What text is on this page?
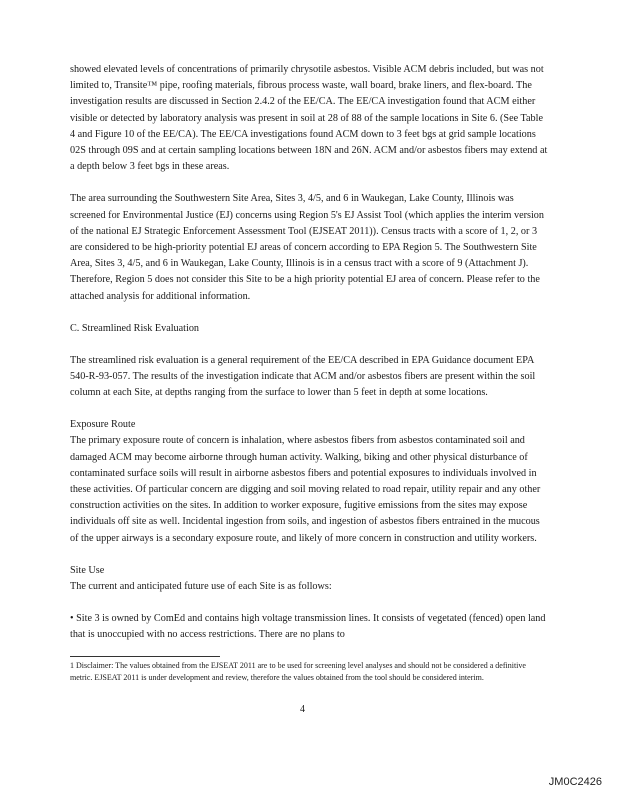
showed elevated levels of concentrations of primarily chrysotile asbestos. Visible ACM debris included, but was not limited to, Transite™ pipe, roofing materials, fibrous process waste, wall board, brake liners, and flex-board. The investigation results are discussed in Section 2.4.2 of the EE/CA. The EE/CA investigation found that ACM either visible or detected by laboratory analysis was present in soil at 28 of 88 of the sample locations in Site 6. (See Table 4 and Figure 10 of the EE/CA). The EE/CA investigations found ACM down to 3 feet bgs at grid sample locations 02S through 09S and at certain sampling locations between 18N and 26N. ACM and/or asbestos fibers may extend at a depth below 3 feet bgs in these areas.

The area surrounding the Southwestern Site Area, Sites 3, 4/5, and 6 in Waukegan, Lake County, Illinois was screened for Environmental Justice (EJ) concerns using Region 5's EJ Assist Tool (which applies the interim version of the national EJ Strategic Enforcement Assessment Tool (EJSEAT 2011)). Census tracts with a score of 1, 2, or 3 are considered to be high-priority potential EJ areas of concern according to EPA Region 5. The Southwestern Site Area, Sites 3, 4/5, and 6 in Waukegan, Lake County, Illinois is in a census tract with a score of 9 (Attachment J). Therefore, Region 5 does not consider this Site to be a high priority potential EJ area of concern. Please refer to the attached analysis for additional information.

C. Streamlined Risk Evaluation

The streamlined risk evaluation is a general requirement of the EE/CA described in EPA Guidance document EPA 540-R-93-057. The results of the investigation indicate that ACM and/or asbestos fibers are present within the soil column at each Site, at depths ranging from the surface to lower than 5 feet in depth at some locations.

Exposure Route

The primary exposure route of concern is inhalation, where asbestos fibers from asbestos contaminated soil and damaged ACM may become airborne through human activity. Walking, biking and other physical disturbance of contaminated surface soils will result in airborne asbestos fibers and potential exposures to individuals involved in these activities. Of particular concern are digging and soil moving related to road repair, utility repair and any other construction activities on the sites. In addition to worker exposure, fugitive emissions from the sites may expose individuals off site as well. Incidental ingestion from soils, and ingestion of asbestos fibers entrained in the mucous of the upper airways is a secondary exposure route, and likely of more concern in construction and utility workers.

Site Use

The current and anticipated future use of each Site is as follows:

• Site 3 is owned by ComEd and contains high voltage transmission lines. It consists of vegetated (fenced) open land that is unoccupied with no access restrictions. There are no plans to

1 Disclaimer: The values obtained from the EJSEAT 2011 are to be used for screening level analyses and should not be considered a definitive metric. EJSEAT 2011 is under development and review, therefore the values obtained from the tool should be considered interim.

4
JM0C2426
